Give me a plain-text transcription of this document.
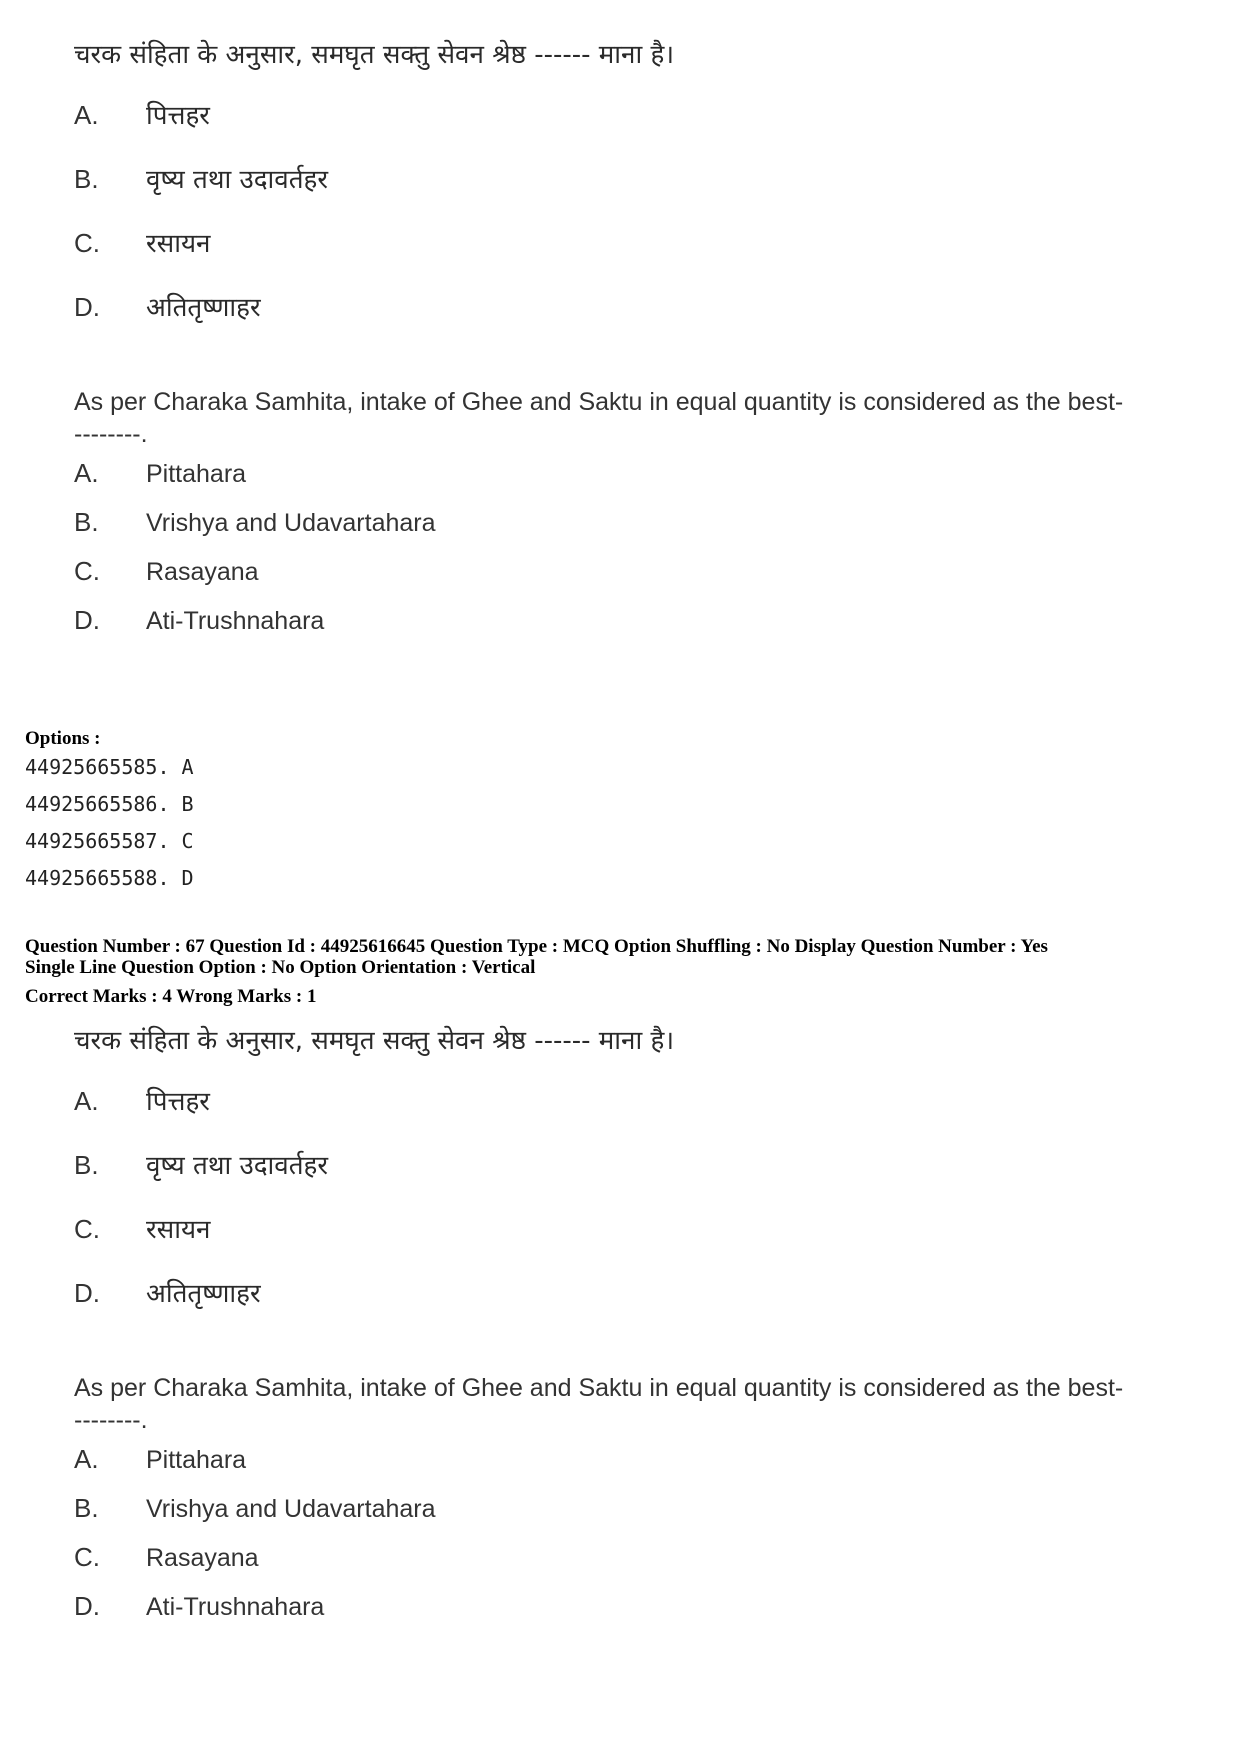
चरक संहिता के अनुसार, समघृत सक्तु सेवन श्रेष्ठ ------ माना है।
A.	पित्तहर
B.	वृष्य तथा उदावर्तहर
C.	रसायन
D.	अतितृष्णाहर
As per Charaka Samhita, intake of Ghee and Saktu in equal quantity is considered as the best---------.
A.	Pittahara
B.	Vrishya and Udavartahara
C.	Rasayana
D.	Ati-Trushnahara
Options :
44925665585. A
44925665586. B
44925665587. C
44925665588. D
Question Number : 67 Question Id : 44925616645 Question Type : MCQ Option Shuffling : No Display Question Number : Yes
Single Line Question Option : No Option Orientation : Vertical
Correct Marks : 4 Wrong Marks : 1
चरक संहिता के अनुसार, समघृत सक्तु सेवन श्रेष्ठ ------ माना है।
A.	पित्तहर
B.	वृष्य तथा उदावर्तहर
C.	रसायन
D.	अतितृष्णाहर
As per Charaka Samhita, intake of Ghee and Saktu in equal quantity is considered as the best---------.
A.	Pittahara
B.	Vrishya and Udavartahara
C.	Rasayana
D.	Ati-Trushnahara
